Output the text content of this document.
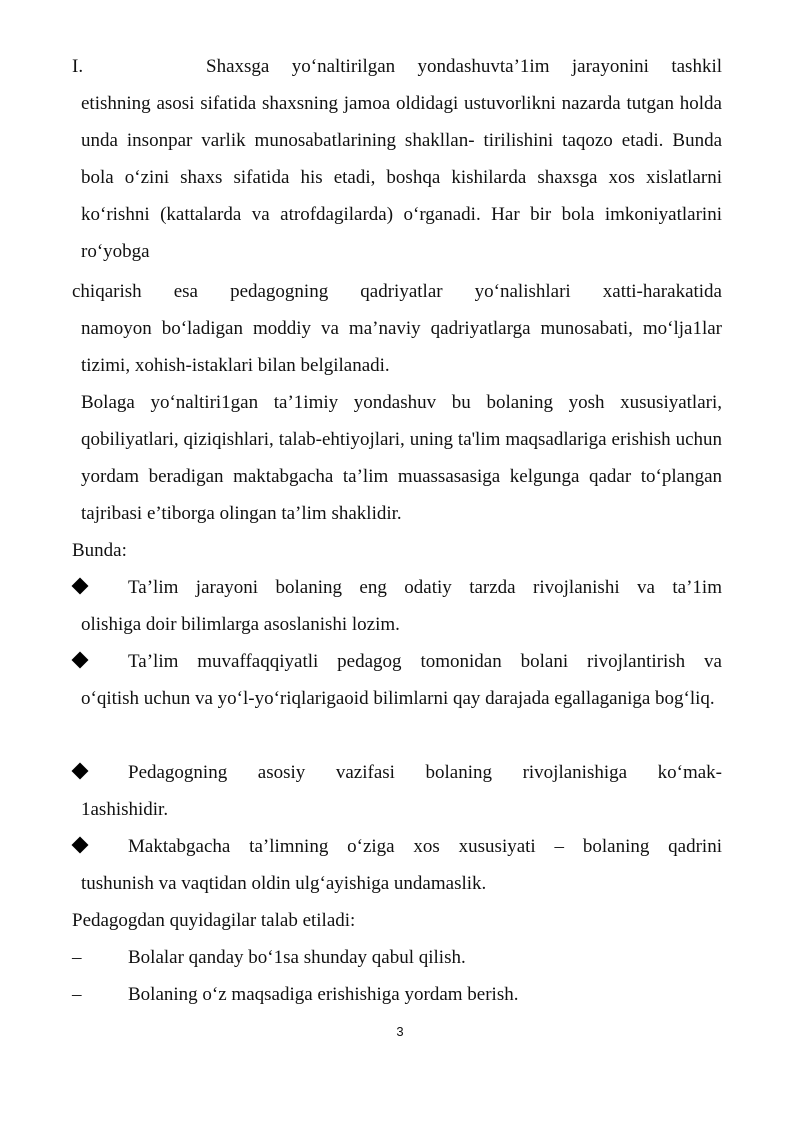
I.	Shaxsga yo‘naltirilgan yondashuvta’1im jarayonini tashkil

etishning asosi sifatida shaxsning jamoa oldidagi ustuvorlikni nazarda tutgan holda unda insonpar varlik munosabatlarining shakllan- tirilishini taqozo etadi. Bunda bola o‘zini shaxs sifatida his etadi, boshqa kishilarda shaxsga xos xislatlarni ko‘rishni (kattalarda va atrofdagilarda) o‘rganadi. Har bir bola imkoniyatlarini ro‘yobga

chiqarish esa pedagogning qadriyatlar yo‘nalishlari xatti-harakatida

namoyon bo‘ladigan moddiy va ma’naviy qadriyatlarga munosabati, mo‘lja1lar tizimi, xohish-istaklari bilan belgilanadi.

Bolaga yo‘naltiri1gan ta’1imiy yondashuv bu bolaning yosh xususiyatlari, qobiliyatlari, qiziqishlari, talab-ehtiyojlari, uning ta'lim maqsadlariga erishish uchun yordam beradigan maktabgacha ta’lim muassasasiga kelgunga qadar to‘plangan tajribasi e’tiborga olingan ta’lim shaklidir.

Bunda:

Ta’lim jarayoni bolaning eng odatiy tarzda rivojlanishi va ta’1im

olishiga doir bilimlarga asoslanishi lozim.

Ta’lim muvaffaqqiyatli pedagog tomonidan bolani rivojlantirish va

o‘qitish uchun va yo‘l-yo‘riqlarigaoid bilimlarni qay darajada egallaganiga bog‘liq.

Pedagogning asosiy vazifasi bolaning rivojlanishiga ko‘mak-

1ashishidir.

Maktabgacha ta’limning o‘ziga xos xususiyati – bolaning qadrini

tushunish va vaqtidan oldin ulg‘ayishiga undamaslik.

Pedagogdan quyidagilar talab etiladi:

–	Bolalar qanday bo‘1sa shunday qabul qilish.
–	Bolaning o‘z maqsadiga erishishiga yordam berish.
3
